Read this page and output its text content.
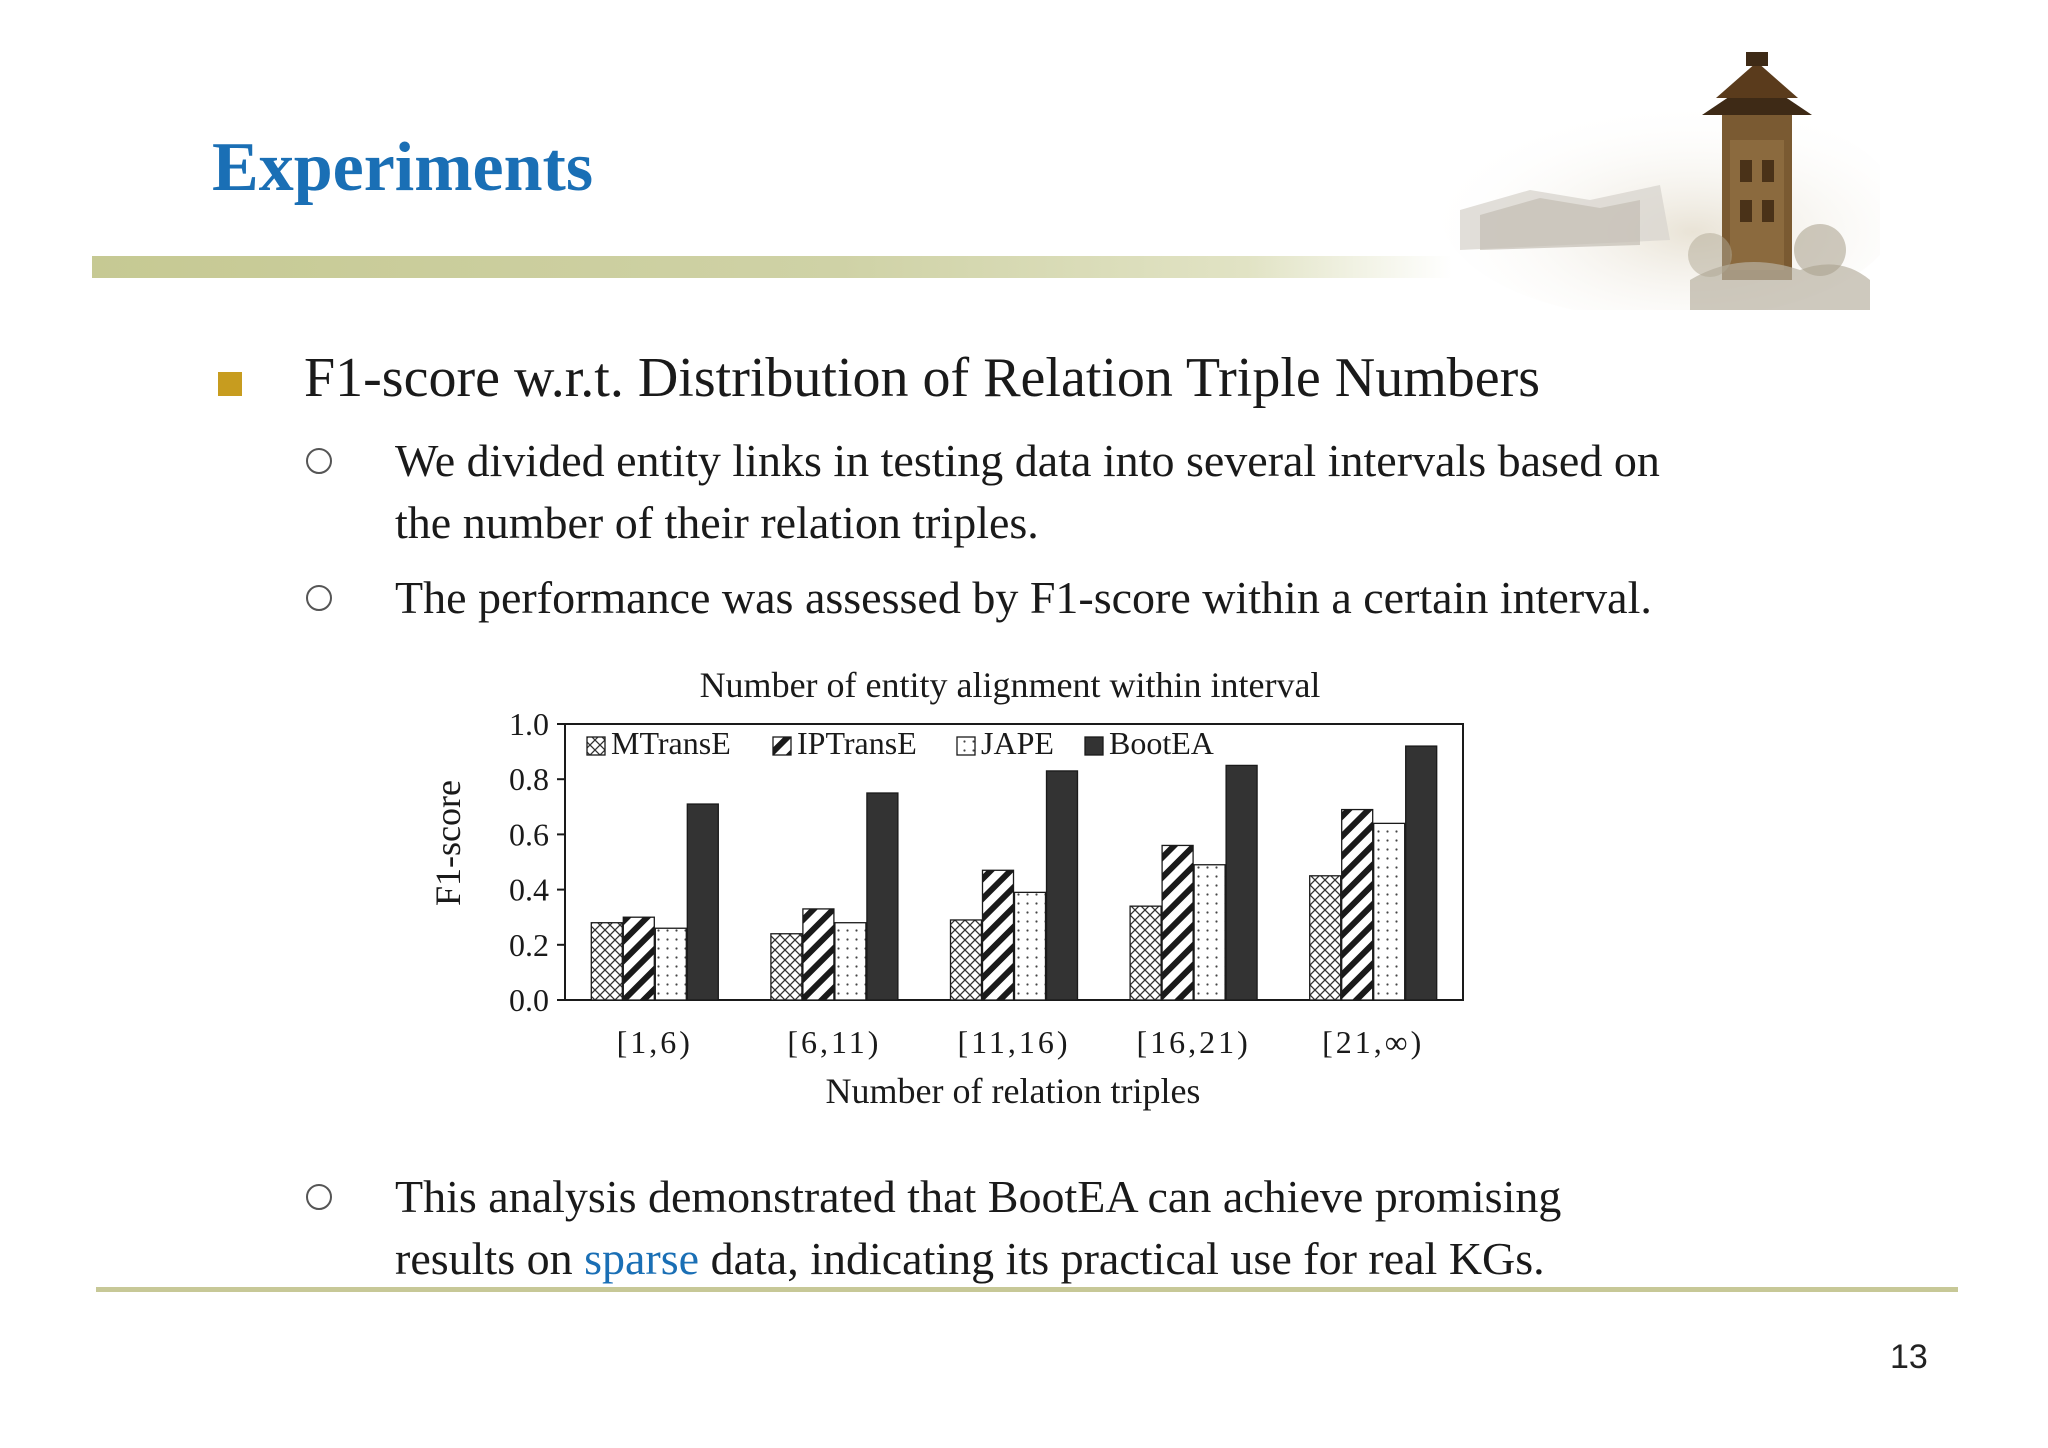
Experiments
F1-score w.r.t. Distribution of Relation Triple Numbers
We divided entity links in testing data into several intervals based on
the number of their relation triples.
The performance was assessed by F1-score within a certain interval.
Number of entity alignment within interval
F1-score
Number of relation triples
0.0
0.2
0.4
0.6
0.8
1.0
MTransE IPTransE JAPE BootEA
[1,6)	[6,11) [11,16) [16,21) [21,∞)
This analysis demonstrated that BootEA can achieve promising
results on sparse data, indicating its practical use for real KGs.
13
